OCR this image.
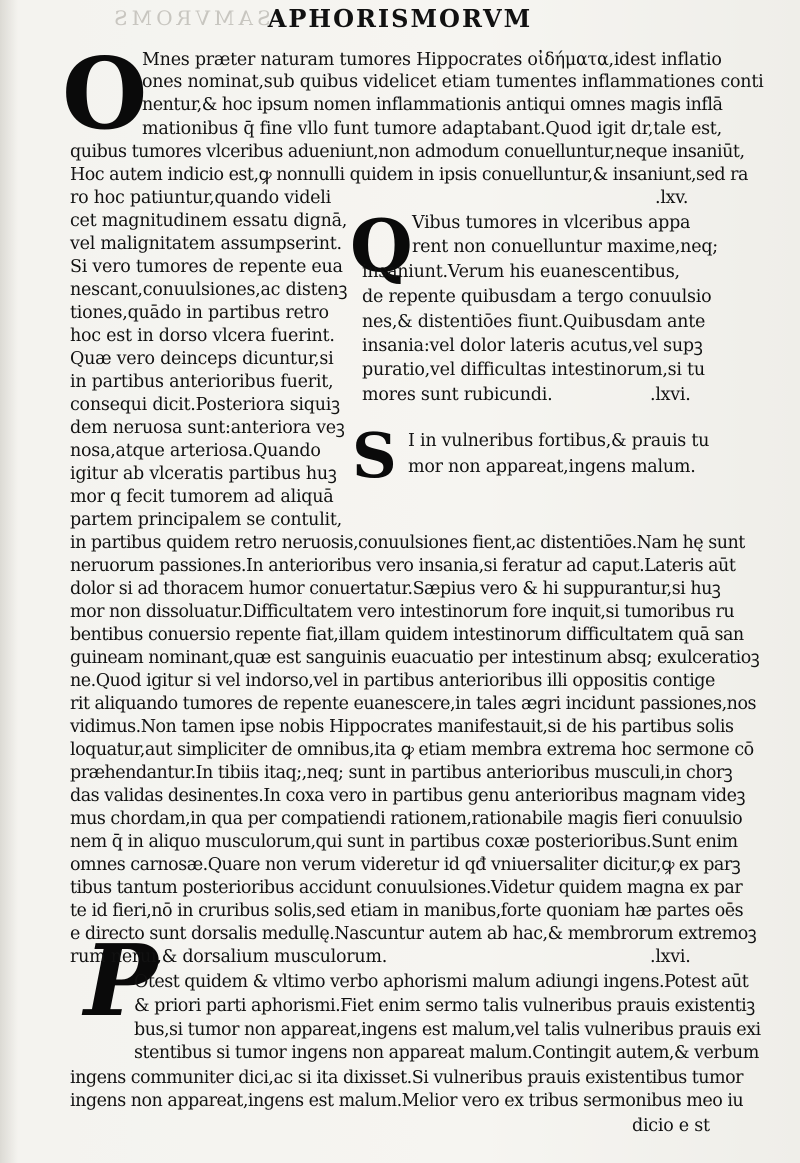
SAMVROMS
APHORISMORVM
O
Q
S
P
Mnes præter naturam tumores Hippocrates οἰδήματα,idest inflatio
ones nominat,sub quibus videlicet etiam tumentes inflammationes conti
nentur,& hoc ipsum nomen inflammationis antiqui omnes magis inflā
mationibus q̄ fine vllo funt tumore adaptabant.Quod igit dr,tale est,
quibus tumores vlceribus adueniunt,non admodum conuelluntur,neque insaniūt,
Hoc autem indicio est,ꝙ nonnulli quidem in ipsis conuelluntur,& insaniunt,sed ra
ro hoc patiuntur,quando videli
cet magnitudinem essatu dignā,
vel malignitatem assumpserint.
Si vero tumores de repente eua
nescant,conuulsiones,ac distenꝫ
tiones,quādo in partibus retro
hoc est in dorso vlcera fuerint.
Quæ vero deinceps dicuntur,si
in partibus anterioribus fuerit,
consequi dicit.Posteriora siquiꝫ
dem neruosa sunt:anteriora veꝫ
nosa,atque arteriosa.Quando
igitur ab vlceratis partibus huꝫ
mor q fecit tumorem ad aliquā
partem principalem se contulit,
.lxv.
Vibus tumores in vlceribus appa
rent non conuelluntur maxime,neq;
insaniunt.Verum his euanescentibus,
de repente quibusdam a tergo conuulsio
nes,& distentiōes fiunt.Quibusdam ante
insania:vel dolor lateris acutus,vel supꝫ
puratio,vel difficultas intestinorum,si tu
mores sunt rubicundi.	.lxvi.
I in vulneribus fortibus,& prauis tu
mor non appareat,ingens malum.
in partibus quidem retro neruosis,conuulsiones fient,ac distentiōes.Nam hę sunt
neruorum passiones.In anterioribus vero insania,si feratur ad caput.Lateris aūt
dolor si ad thoracem humor conuertatur.Sæpius vero & hi suppurantur,si huꝫ
mor non dissoluatur.Difficultatem vero intestinorum fore inquit,si tumoribus ru
bentibus conuersio repente fiat,illam quidem intestinorum difficultatem quā san
guineam nominant,quæ est sanguinis euacuatio per intestinum absq; exulceratioꝫ
ne.Quod igitur si vel indorso,vel in partibus anterioribus illi oppositis contige
rit aliquando tumores de repente euanescere,in tales ægri incidunt passiones,nos
vidimus.Non tamen ipse nobis Hippocrates manifestauit,si de his partibus solis
loquatur,aut simpliciter de omnibus,ita ꝙ etiam membra extrema hoc sermone cō
præhendantur.In tibiis itaq;,neq; sunt in partibus anterioribus musculi,in chorꝫ
das validas desinentes.In coxa vero in partibus genu anterioribus magnam videꝫ
mus chordam,in qua per compatiendi rationem,rationabile magis fieri conuulsio
nem q̄ in aliquo musculorum,qui sunt in partibus coxæ posterioribus.Sunt enim
omnes carnosæ.Quare non verum videretur id qđ vniuersaliter dicitur,ꝙ ex parꝫ
tibus tantum posterioribus accidunt conuulsiones.Videtur quidem magna ex par
te id fieri,nō in cruribus solis,sed etiam in manibus,forte quoniam hæ partes oēs
e directo sunt dorsalis medullę.Nascuntur autem ab hac,& membrorum extremoꝫ
rum nerui,& dorsalium musculorum.	.lxvi.
Otest quidem & vltimo verbo aphorismi malum adiungi ingens.Potest aūt
& priori parti aphorismi.Fiet enim sermo talis vulneribus prauis existentiꝫ
bus,si tumor non appareat,ingens est malum,vel talis vulneribus prauis exi
stentibus si tumor ingens non appareat malum.Contingit autem,& verbum
ingens communiter dici,ac si ita dixisset.Si vulneribus prauis existentibus tumor
ingens non appareat,ingens est malum.Melior vero ex tribus sermonibus meo iu
dicio e st
